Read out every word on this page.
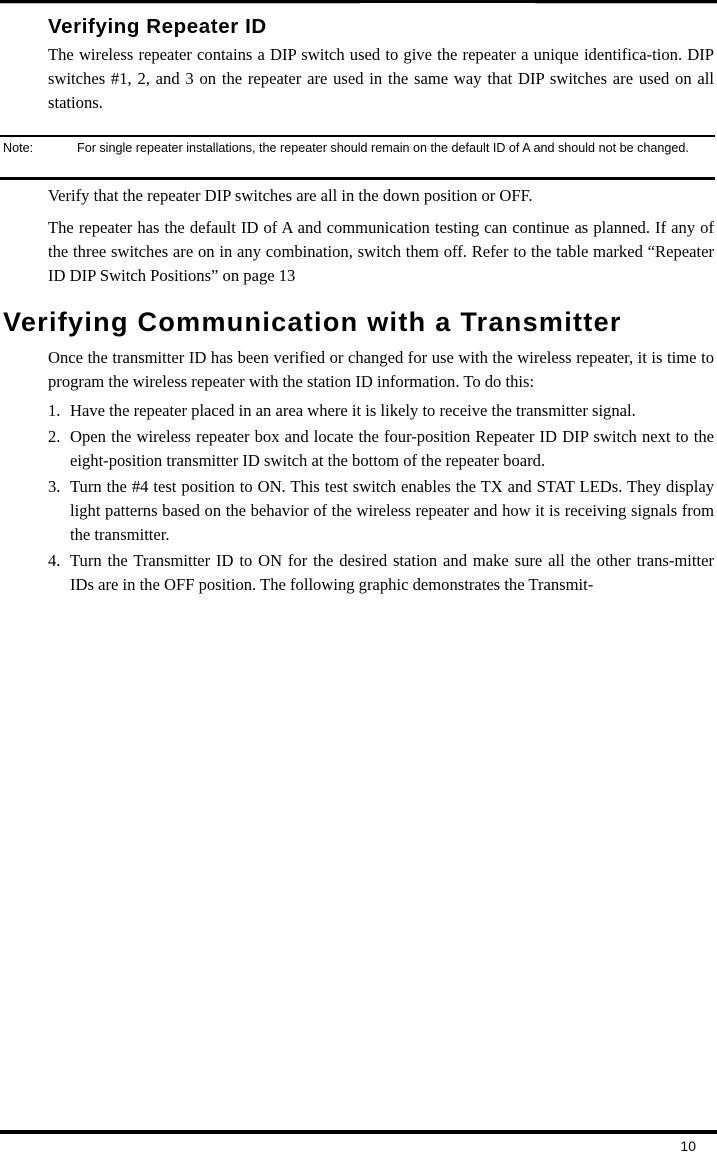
Verifying Repeater ID

The wireless repeater contains a DIP switch used to give the repeater a unique identifica-tion. DIP switches #1, 2, and 3 on the repeater are used in the same way that DIP switches are used on all stations.

Note:	For single repeater installations, the repeater should remain on the default ID of A and should not be changed.

Verify that the repeater DIP switches are all in the down position or OFF.

The repeater has the default ID of A and communication testing can continue as planned. If any of the three switches are on in any combination, switch them off. Refer to the table marked “Repeater ID DIP Switch Positions” on page 13

Verifying Communication with a Transmitter

Once the transmitter ID has been verified or changed for use with the wireless repeater, it is time to program the wireless repeater with the station ID information. To do this:

1. Have the repeater placed in an area where it is likely to receive the transmitter signal.
2. Open the wireless repeater box and locate the four-position Repeater ID DIP switch next to the eight-position transmitter ID switch at the bottom of the repeater board.
3. Turn the #4 test position to ON. This test switch enables the TX and STAT LEDs. They display light patterns based on the behavior of the wireless repeater and how it is receiving signals from the transmitter.
4. Turn the Transmitter ID to ON for the desired station and make sure all the other trans-mitter IDs are in the OFF position. The following graphic demonstrates the Transmit-

10
